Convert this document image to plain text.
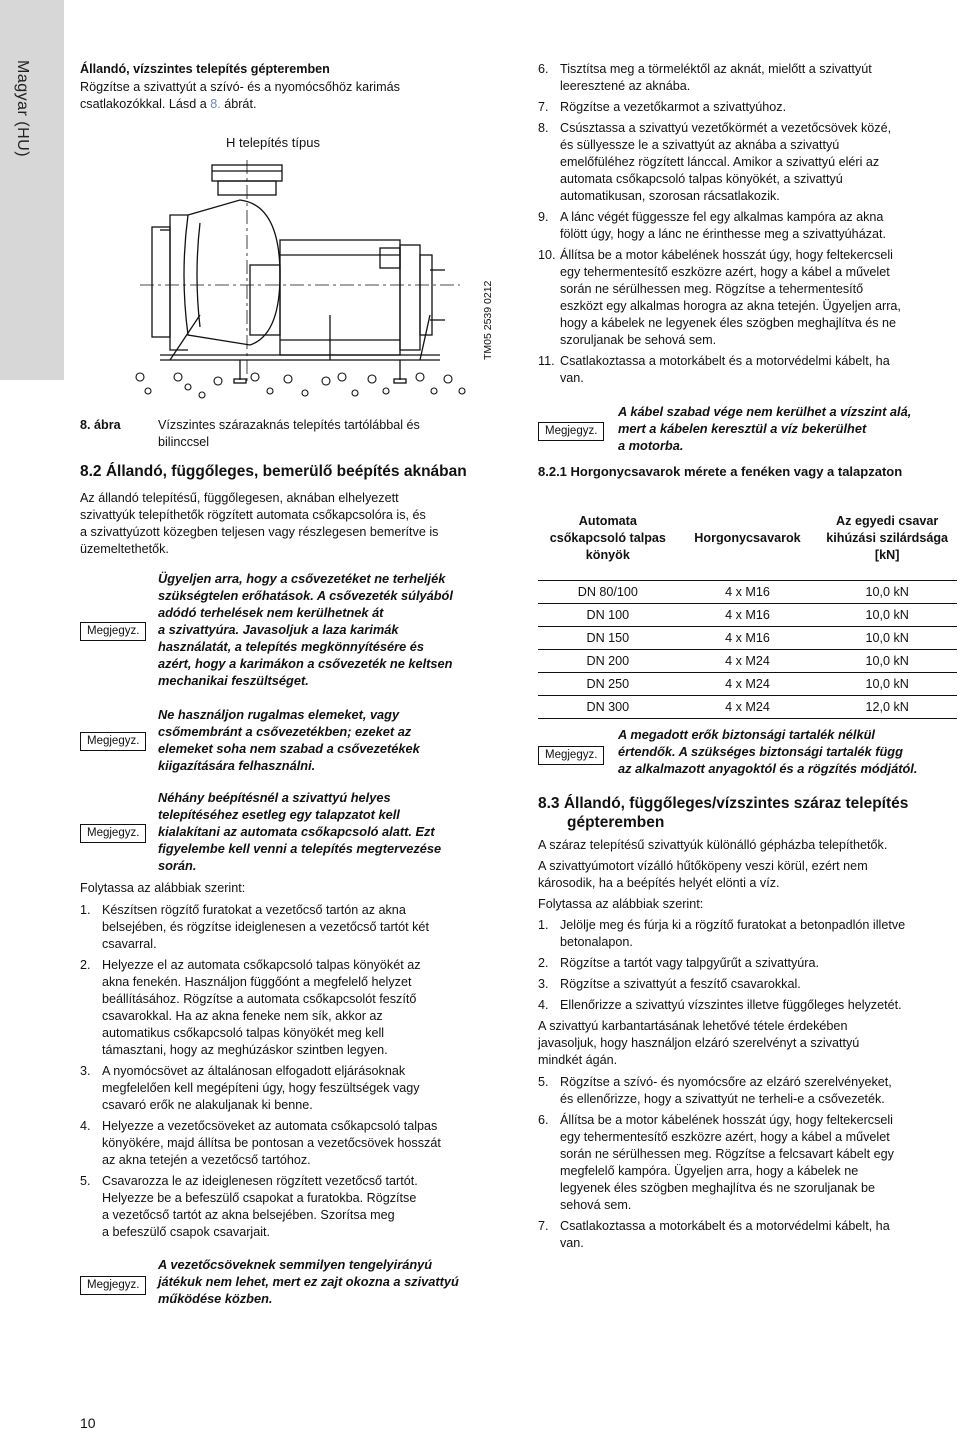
Magyar (HU)	Állandó, vízszintes telepítés gépteremben
Rögzítse a szivattyút a szívó- és a nyomócsőhöz karimás
csatlakozókkal. Lásd a 8. ábrát.
H telepítés típus
TM05 2539 0212
8. ábra	Vízszintes szárazaknás telepítés tartólábbal és
bilinccsel
8.2 Állandó, függőleges, bemerülő beépítés aknában

Az állandó telepítésű, függőlegesen, aknában elhelyezett

szivattyúk telepíthetők rögzített automata csőkapcsolóra is, és

a szivattyúzott közegben teljesen vagy részlegesen bemerítve is

üzemeltethetők.

Megjegyz.

Ügyeljen arra, hogy a csővezetéket ne terheljék

szükségtelen erőhatások. A csővezeték súlyából

adódó terhelések nem kerülhetnek át

a szivattyúra. Javasoljuk a laza karimák

használatát, a telepítés megkönnyítésére és

azért, hogy a karimákon a csővezeték ne keltsen

mechanikai feszültséget.

Megjegyz.

Ne használjon rugalmas elemeket, vagy

csőmembránt a csővezetékben; ezeket az

elemeket soha nem szabad a csővezetékek

kiigazítására felhasználni.

Megjegyz.

Néhány beépítésnél a szivattyú helyes

telepítéséhez esetleg egy talapzatot kell

kialakítani az automata csőkapcsoló alatt. Ezt

figyelembe kell venni a telepítés megtervezése

során.

Folytassa az alábbiak szerint:
1. Készítsen rögzítő furatokat a vezetőcső tartón az akna

belsejében, és rögzítse ideiglenesen a vezetőcső tartót két

csavarral.

2. Helyezze el az automata csőkapcsoló talpas könyökét az

akna fenekén. Használjon függőónt a megfelelő helyzet

beállításához. Rögzítse a automata csőkapcsolót feszítő

csavarokkal. Ha az akna feneke nem sík, akkor az

automatikus csőkapcsoló talpas könyökét meg kell

támasztani, hogy az meghúzáskor szintben legyen.

3. A nyomócsövet az általánosan elfogadott eljárásoknak

megfelelően kell megépíteni úgy, hogy feszültségek vagy

csavaró erők ne alakuljanak ki benne.

4. Helyezze a vezetőcsöveket az automata csőkapcsoló talpas

könyökére, majd állítsa be pontosan a vezetőcsövek hosszát

az akna tetején a vezetőcső tartóhoz.

5. Csavarozza le az ideiglenesen rögzített vezetőcső tartót.

Helyezze be a befeszülő csapokat a furatokba. Rögzítse

a vezetőcső tartót az akna belsejében. Szorítsa meg

a befeszülő csapok csavarjait.

Megjegyz.

A vezetőcsöveknek semmilyen tengelyirányú

játékuk nem lehet, mert ez zajt okozna a szivattyú

működése közben.

6. Tisztítsa meg a törmeléktől az aknát, mielőtt a szivattyút

leeresztené az aknába.

7. Rögzítse a vezetőkarmot a szivattyúhoz.

8. Csúsztassa a szivattyú vezetőkörmét a vezetőcsövek közé,

és süllyessze le a szivattyút az aknába a szivattyú

emelőfüléhez rögzített lánccal. Amikor a szivattyú eléri az

automata csőkapcsoló talpas könyökét, a szivattyú

automatikusan, szorosan rácsatlakozik.

9. A lánc végét függessze fel egy alkalmas kampóra az akna

fölött úgy, hogy a lánc ne érinthesse meg a szivattyúházat.

10. Állítsa be a motor kábelének hosszát úgy, hogy feltekercseli

egy tehermentesítő eszközre azért, hogy a kábel a művelet

során ne sérülhessen meg. Rögzítse a tehermentesítő

eszközt egy alkalmas horogra az akna tetején. Ügyeljen arra,

hogy a kábelek ne legyenek éles szögben meghajlítva és ne

szoruljanak be sehová sem.

11. Csatlakoztassa a motorkábelt és a motorvédelmi kábelt, ha

van.

Megjegyz.

A kábel szabad vége nem kerülhet a vízszint alá,

mert a kábelen keresztül a víz bekerülhet

a motorba.

8.2.1 Horgonycsavarok mérete a fenéken vagy a talapzaton
Automata csőkapcsoló talpas könyök	Horgonycsavarok	Az egyedi csavar kihúzási szilárdsága [kN]
DN 80/100	4 x M16	10,0 kN
DN 100	4 x M16	10,0 kN
DN 150	4 x M16	10,0 kN
DN 200	4 x M24	10,0 kN
DN 250	4 x M24	10,0 kN
DN 300	4 x M24	12,0 kN
Megjegyz.

A megadott erők biztonsági tartalék nélkül

értendők. A szükséges biztonsági tartalék függ

az alkalmazott anyagoktól és a rögzítés módjától.

8.3 Állandó, függőleges/vízszintes száraz telepítés

gépteremben

A száraz telepítésű szivattyúk különálló gépházba telepíthetők.

A szivattyúmotort vízálló hűtőköpeny veszi körül, ezért nem

károsodik, ha a beépítés helyét elönti a víz.

Folytassa az alábbiak szerint:

1. Jelölje meg és fúrja ki a rögzítő furatokat a betonpadlón illetve

betonalapon.

2. Rögzítse a tartót vagy talpgyűrűt a szivattyúra.

3. Rögzítse a szivattyút a feszítő csavarokkal.

4. Ellenőrizze a szivattyú vízszintes illetve függőleges helyzetét.

A szivattyú karbantartásának lehetővé tétele érdekében

javasoljuk, hogy használjon elzáró szerelvényt a szivattyú

mindkét ágán.

5. Rögzítse a szívó- és nyomócsőre az elzáró szerelvényeket,

és ellenőrizze, hogy a szivattyút ne terheli-e a csővezeték.

6. Állítsa be a motor kábelének hosszát úgy, hogy feltekercseli

egy tehermentesítő eszközre azért, hogy a kábel a művelet

során ne sérülhessen meg. Rögzítse a felcsavart kábelt egy

megfelelő kampóra. Ügyeljen arra, hogy a kábelek ne

legyenek éles szögben meghajlítva és ne szoruljanak be

sehová sem.

7. Csatlakoztassa a motorkábelt és a motorvédelmi kábelt, ha

van.

10
